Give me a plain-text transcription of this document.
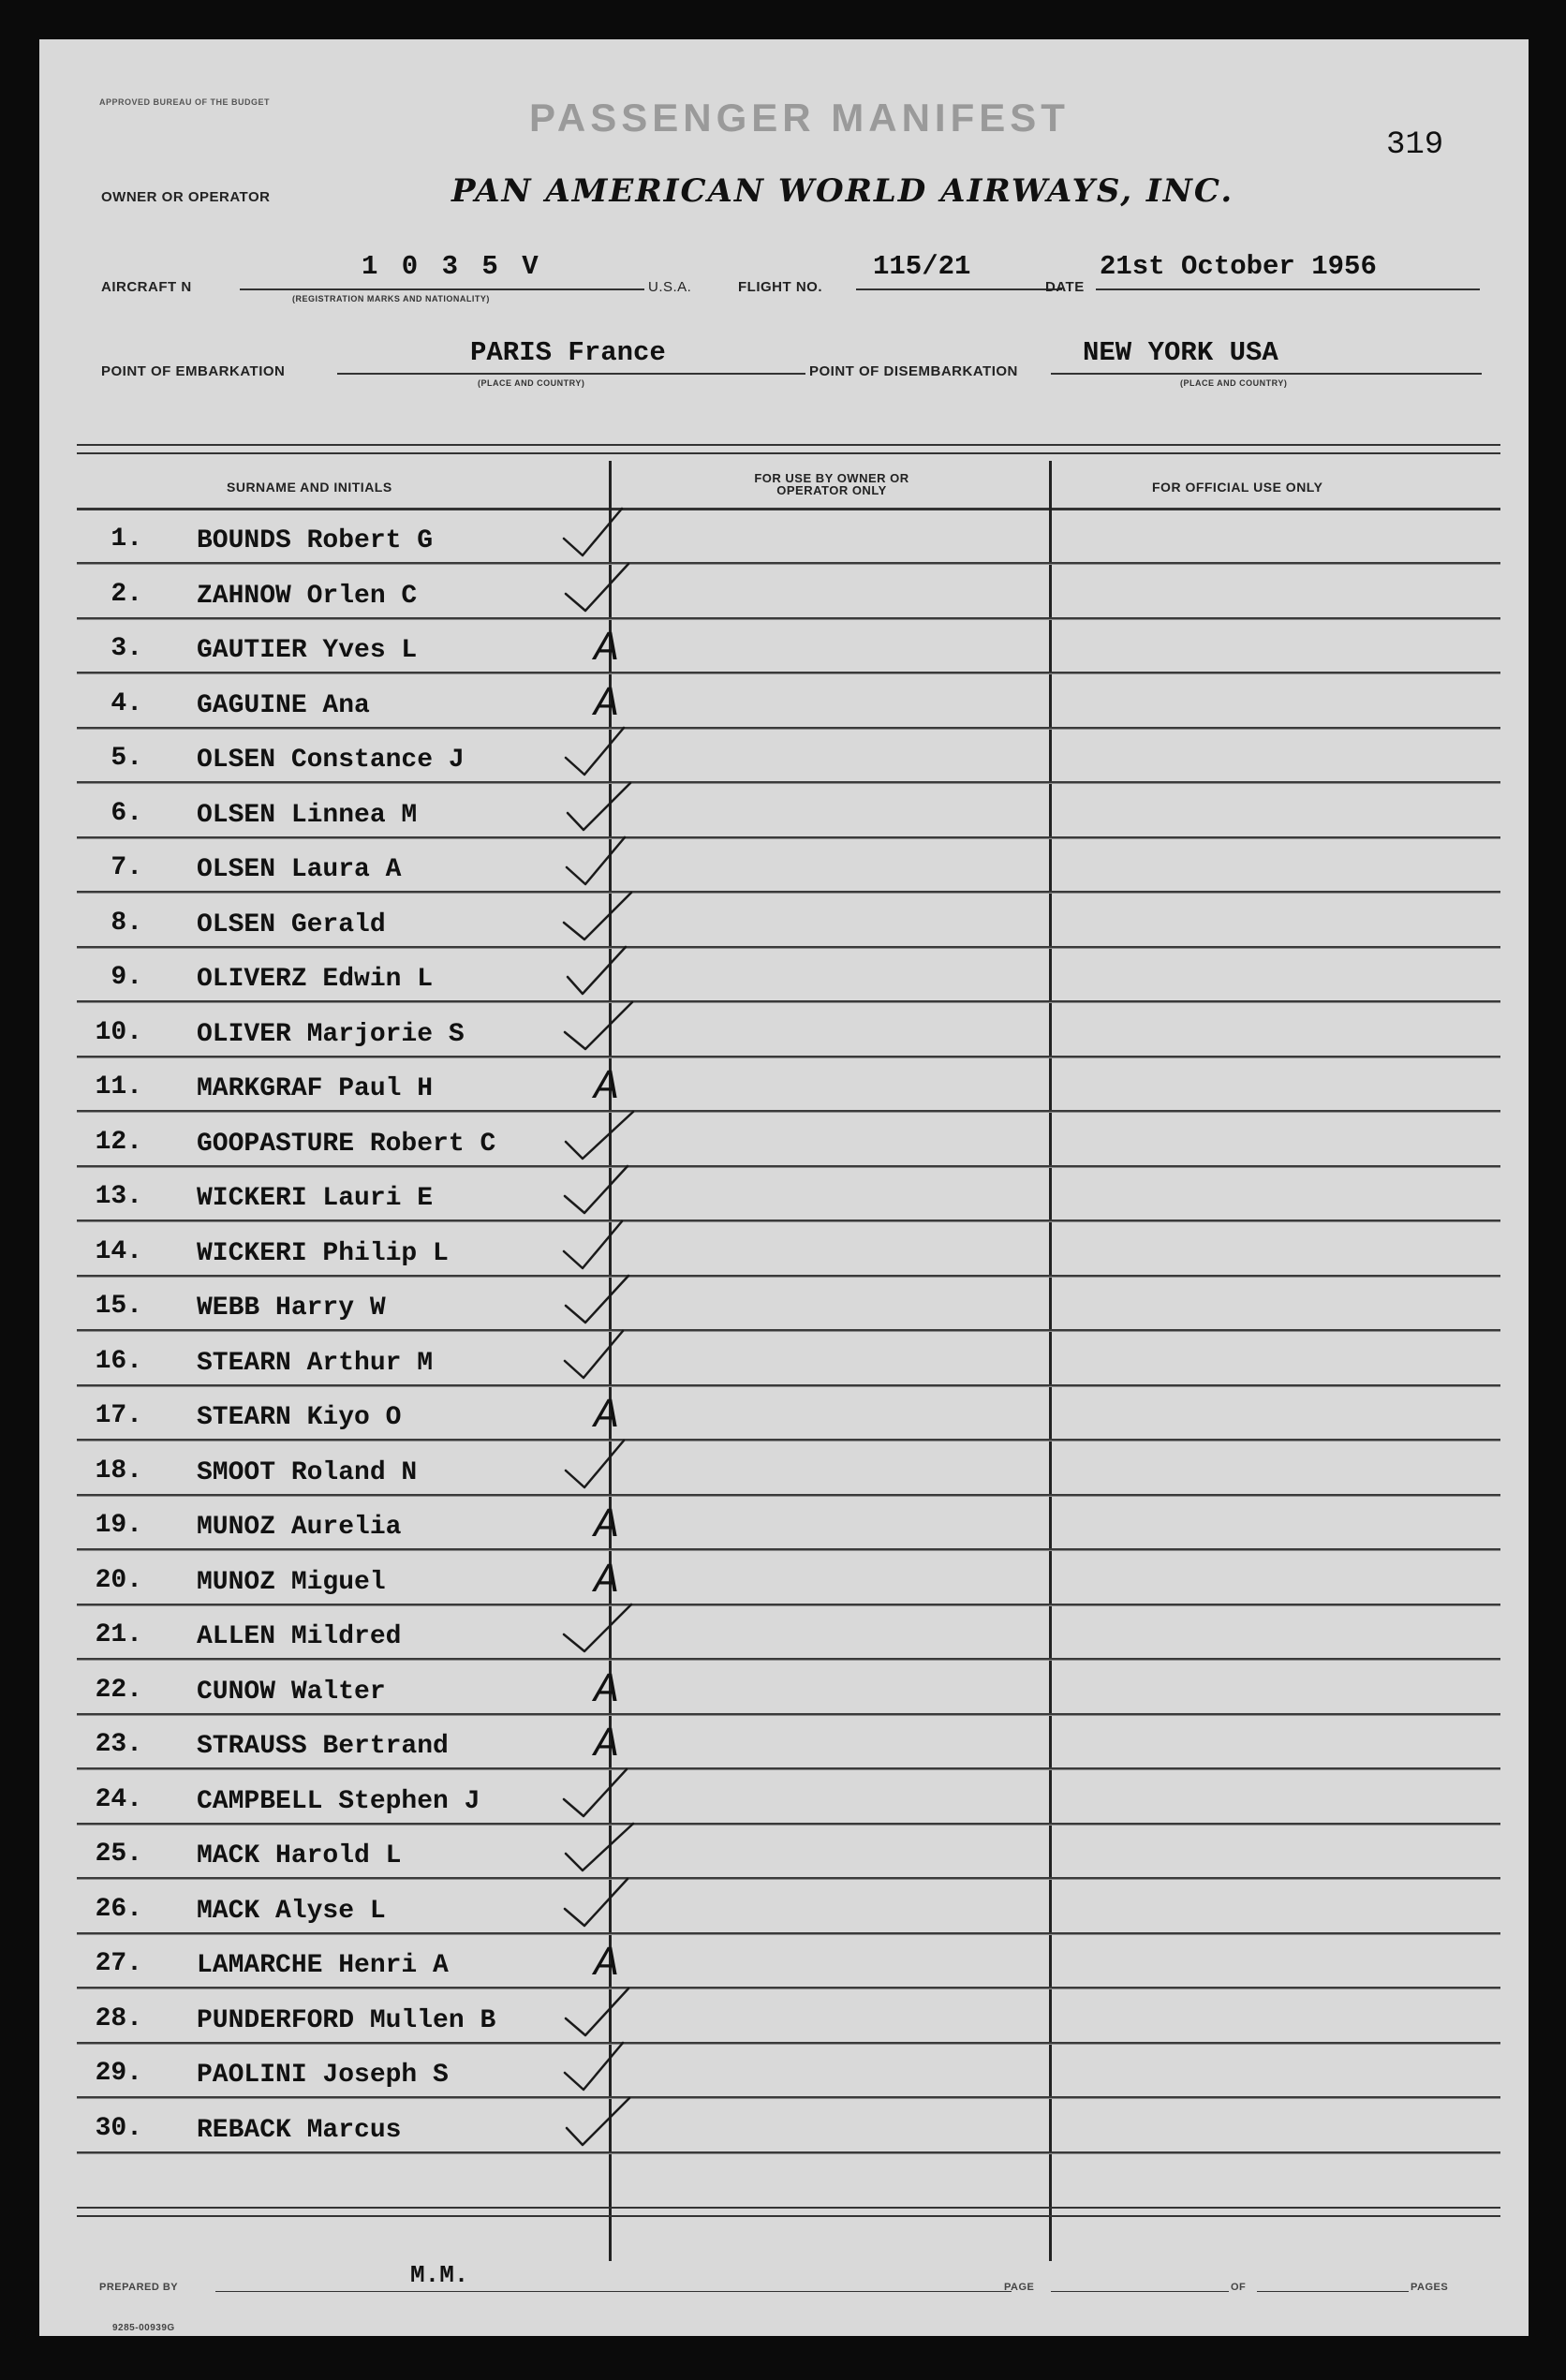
APPROVED BUREAU OF THE BUDGET	PASSENGER MANIFEST
319
OWNER OR OPERATOR	PAN AMERICAN WORLD AIRWAYS, INC.
AIRCRAFT N
1 0 3 5 V
(REGISTRATION MARKS AND NATIONALITY)
U.S.A.	FLIGHT NO.
115/21
DATE
21st October 1956
POINT OF EMBARKATION
PARIS France
(PLACE AND COUNTRY)
POINT OF DISEMBARKATION
NEW YORK USA
(PLACE AND COUNTRY)
SURNAME AND INITIALS
FOR USE BY OWNER OR OPERATOR ONLY	FOR OFFICIAL USE ONLY
1. BOUNDS Robert G
2. ZAHNOW Orlen C
3. GAUTIER Yves L	A
4. GAGUINE Ana	A
5. OLSEN Constance J
6. OLSEN Linnea M
7. OLSEN Laura A
8. OLSEN Gerald
9. OLIVERZ Edwin L
10. OLIVER Marjorie S
11. MARKGRAF Paul H	A
12. GOOPASTURE Robert C
13. WICKERI Lauri E
14. WICKERI Philip L
15. WEBB Harry W
16. STEARN Arthur M
17. STEARN Kiyo O	A
18. SMOOT Roland N
19. MUNOZ Aurelia	A
20. MUNOZ Miguel	A
21. ALLEN Mildred
22. CUNOW Walter	A
23. STRAUSS Bertrand	A
24. CAMPBELL Stephen J
25. MACK Harold L
26. MACK Alyse L
27. LAMARCHE Henri A	A
28. PUNDERFORD Mullen B
29. PAOLINI Joseph S
30. REBACK Marcus
PREPARED BY	M.M.	PAGE	OF	PAGES
9285-00939G
